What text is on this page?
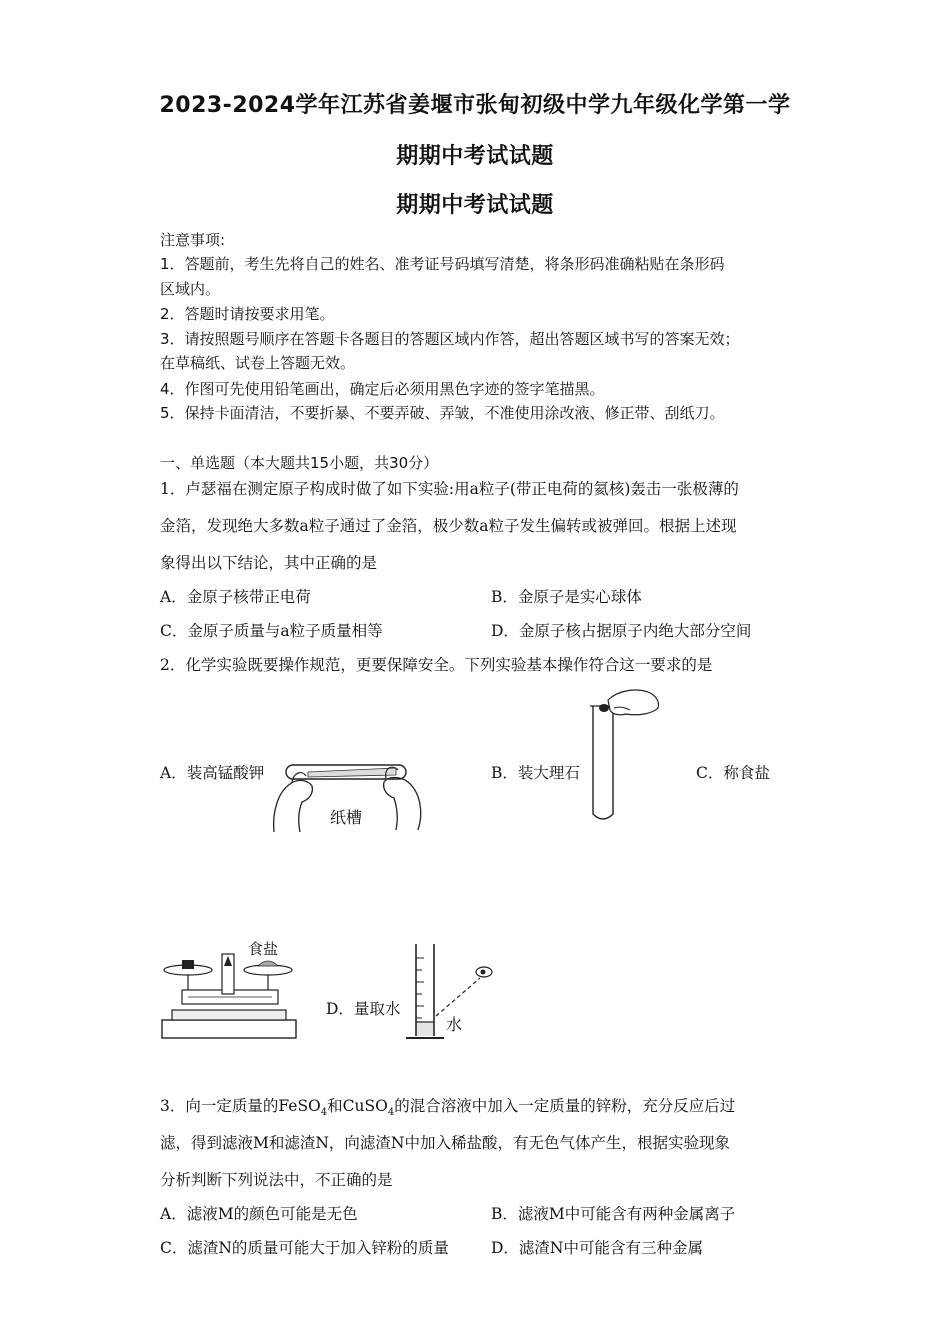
2023-2024学年江苏省姜堰市张甸初级中学九年级化学第一学
期期中考试试题
期期中考试试题
注意事项:
1．答题前，考生先将自己的姓名、准考证号码填写清楚，将条形码准确粘贴在条形码
区域内。
2．答题时请按要求用笔。
3．请按照题号顺序在答题卡各题目的答题区域内作答，超出答题区域书写的答案无效；
在草稿纸、试卷上答题无效。
4．作图可先使用铅笔画出，确定后必须用黑色字迹的签字笔描黑。
5．保持卡面清洁，不要折暴、不要弄破、弄皱，不准使用涂改液、修正带、刮纸刀。
一、单选题（本大题共15小题，共30分）
1．卢瑟福在测定原子构成时做了如下实验:用a粒子(带正电荷的氦核)轰击一张极薄的
金箔，发现绝大多数a粒子通过了金箔，极少数a粒子发生偏转或被弹回。根据上述现
象得出以下结论，其中正确的是
A．金原子核带正电荷	B．金原子是实心球体
C．金原子质量与a粒子质量相等	D．金原子核占据原子内绝大部分空间
2．化学实验既要操作规范，更要保障安全。下列实验基本操作符合这一要求的是
A．装高锰酸钾	B．装大理石	C．称食盐
D．量取水
纸槽
食盐
水
3．向一定质量的FeSO$_4$和CuSO$_4$的混合溶液中加入一定质量的锌粉，充分反应后过
滤，得到滤液M和滤渣N，向滤渣N中加入稀盐酸，有无色气体产生，根据实验现象
分析判断下列说法中，不正确的是
A．滤液M的颜色可能是无色	B．滤液M中可能含有两种金属离子
C．滤渣N的质量可能大于加入锌粉的质量	D．滤渣N中可能含有三种金属
